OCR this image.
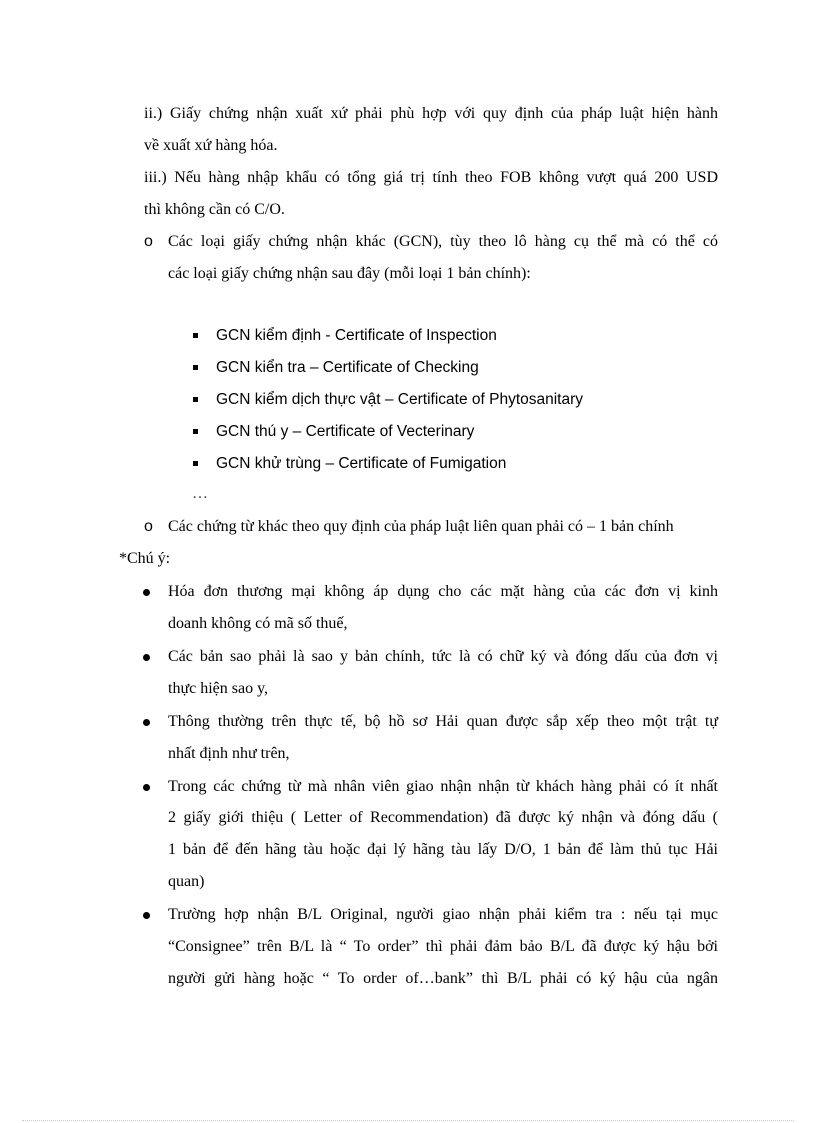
ii.) Giấy chứng nhận xuất xứ phải phù hợp với quy định của pháp luật hiện hành
về xuất xứ hàng hóa.
iii.) Nếu hàng nhập khẩu có tổng giá trị tính theo FOB không vượt quá 200 USD
thì không cần có C/O.
o Các loại giấy chứng nhận khác (GCN), tùy theo lô hàng cụ thể mà có thể có
các loại giấy chứng nhận sau đây (mỗi loại 1 bản chính):
GCN kiểm định - Certificate of Inspection
GCN kiển tra – Certificate of Checking
GCN kiểm dịch thực vật – Certificate of Phytosanitary
GCN thú y – Certificate of Vecterinary
GCN khử trùng – Certificate of Fumigation
…
o Các chứng từ khác theo quy định của pháp luật liên quan phải có – 1 bản chính
*Chú ý:
Hóa đơn thương mại không áp dụng cho các mặt hàng của các đơn vị kinh
doanh không có mã số thuế,
Các bản sao phải là sao y bản chính, tức là có chữ ký và đóng dấu của đơn vị
thực hiện sao y,
Thông thường trên thực tế, bộ hồ sơ Hải quan được sắp xếp theo một trật tự
nhất định như trên,
Trong các chứng từ mà nhân viên giao nhận nhận từ khách hàng phải có ít nhất
2 giấy giới thiệu ( Letter of Recommendation) đã được ký nhận và đóng dấu (
1 bản để đến hãng tàu hoặc đại lý hãng tàu lấy D/O, 1 bản để làm thủ tục Hải
quan)
Trường hợp nhận B/L Original, người giao nhận phải kiểm tra : nếu tại mục
“Consignee” trên B/L là “ To order” thì phải đảm bảo B/L đã được ký hậu bởi
người gửi hàng hoặc “ To order of…bank” thì B/L phải có ký hậu của ngân
